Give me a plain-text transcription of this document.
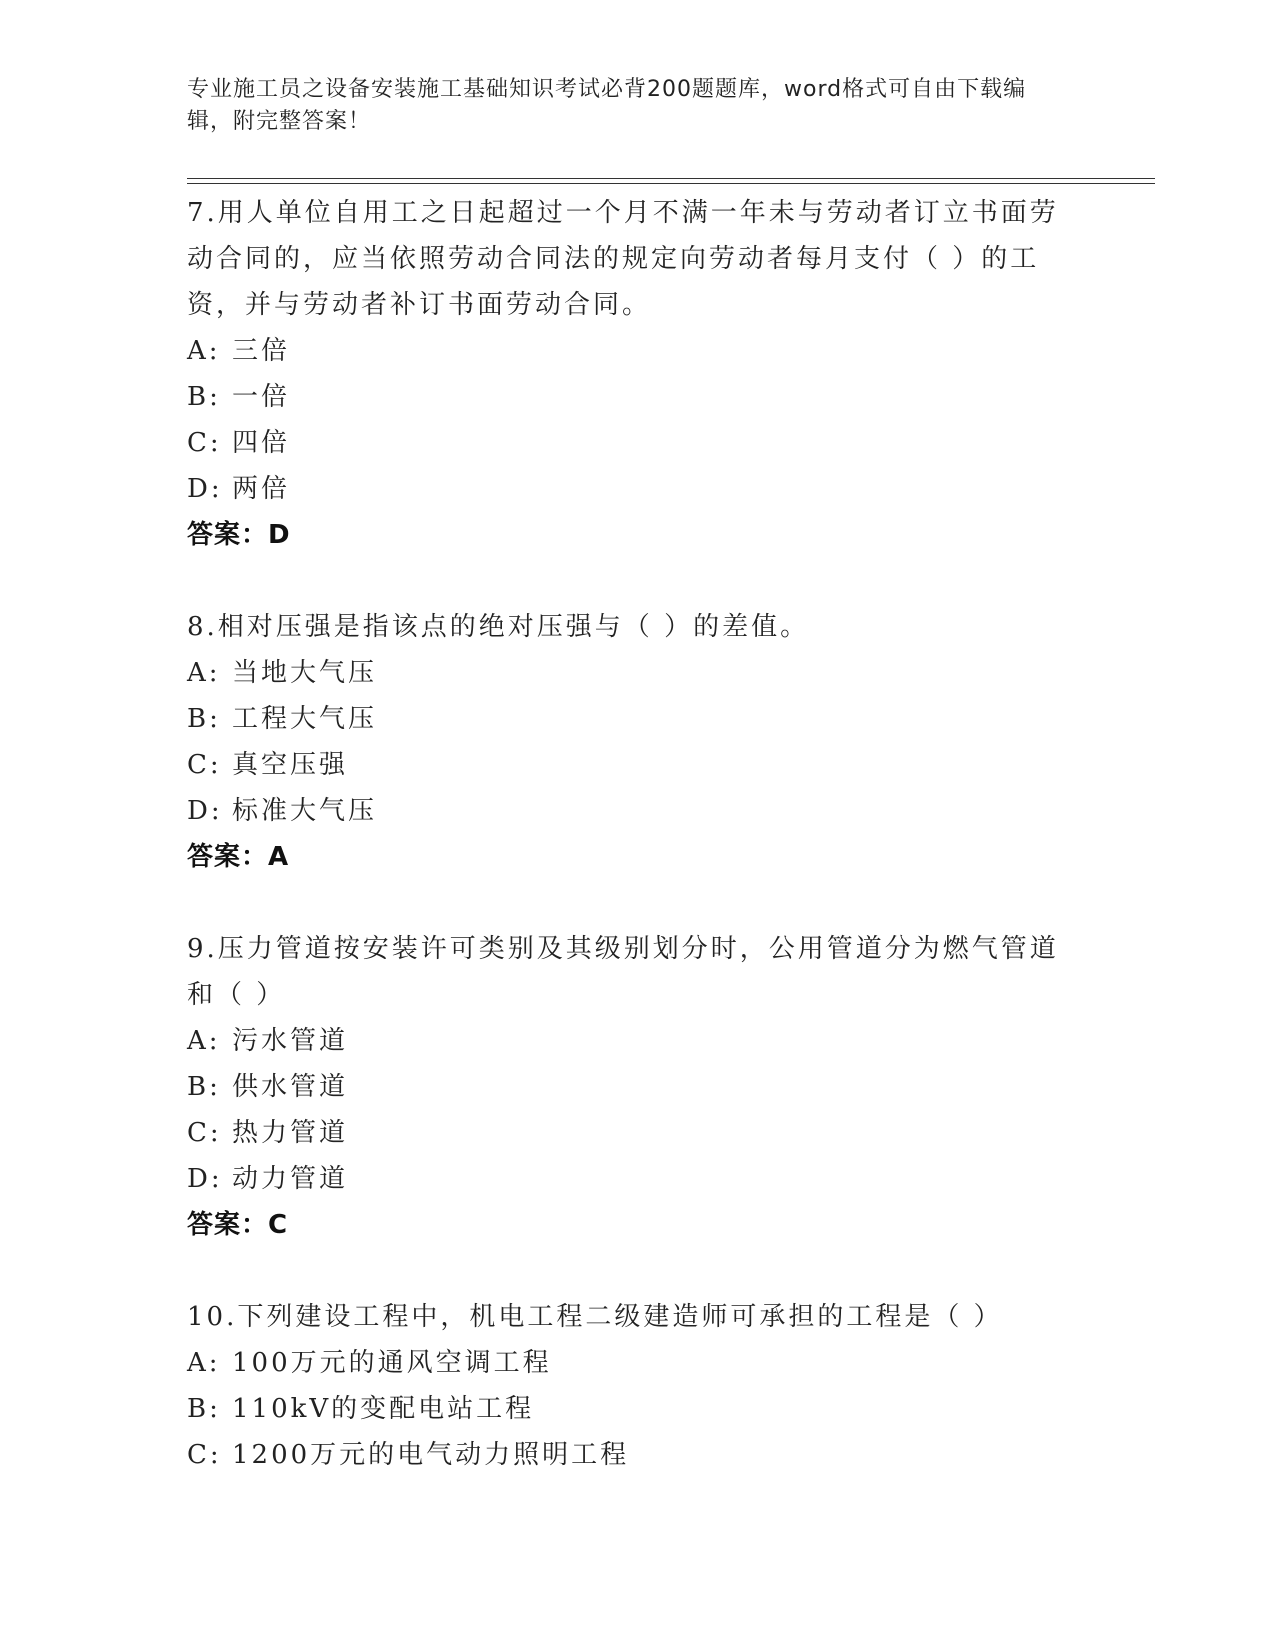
专业施工员之设备安装施工基础知识考试必背200题题库，word格式可自由下载编辑，附完整答案！
7.用人单位自用工之日起超过一个月不满一年未与劳动者订立书面劳动合同的，应当依照劳动合同法的规定向劳动者每月支付（ ）的工资，并与劳动者补订书面劳动合同。
A: 三倍
B: 一倍
C: 四倍
D: 两倍
答案：D
8.相对压强是指该点的绝对压强与（ ）的差值。
A: 当地大气压
B: 工程大气压
C: 真空压强
D: 标准大气压
答案：A
9.压力管道按安装许可类别及其级别划分时，公用管道分为燃气管道和（ ）
A: 污水管道
B: 供水管道
C: 热力管道
D: 动力管道
答案：C
10.下列建设工程中，机电工程二级建造师可承担的工程是（ ）
A: 100万元的通风空调工程
B: 110kV的变配电站工程
C: 1200万元的电气动力照明工程
